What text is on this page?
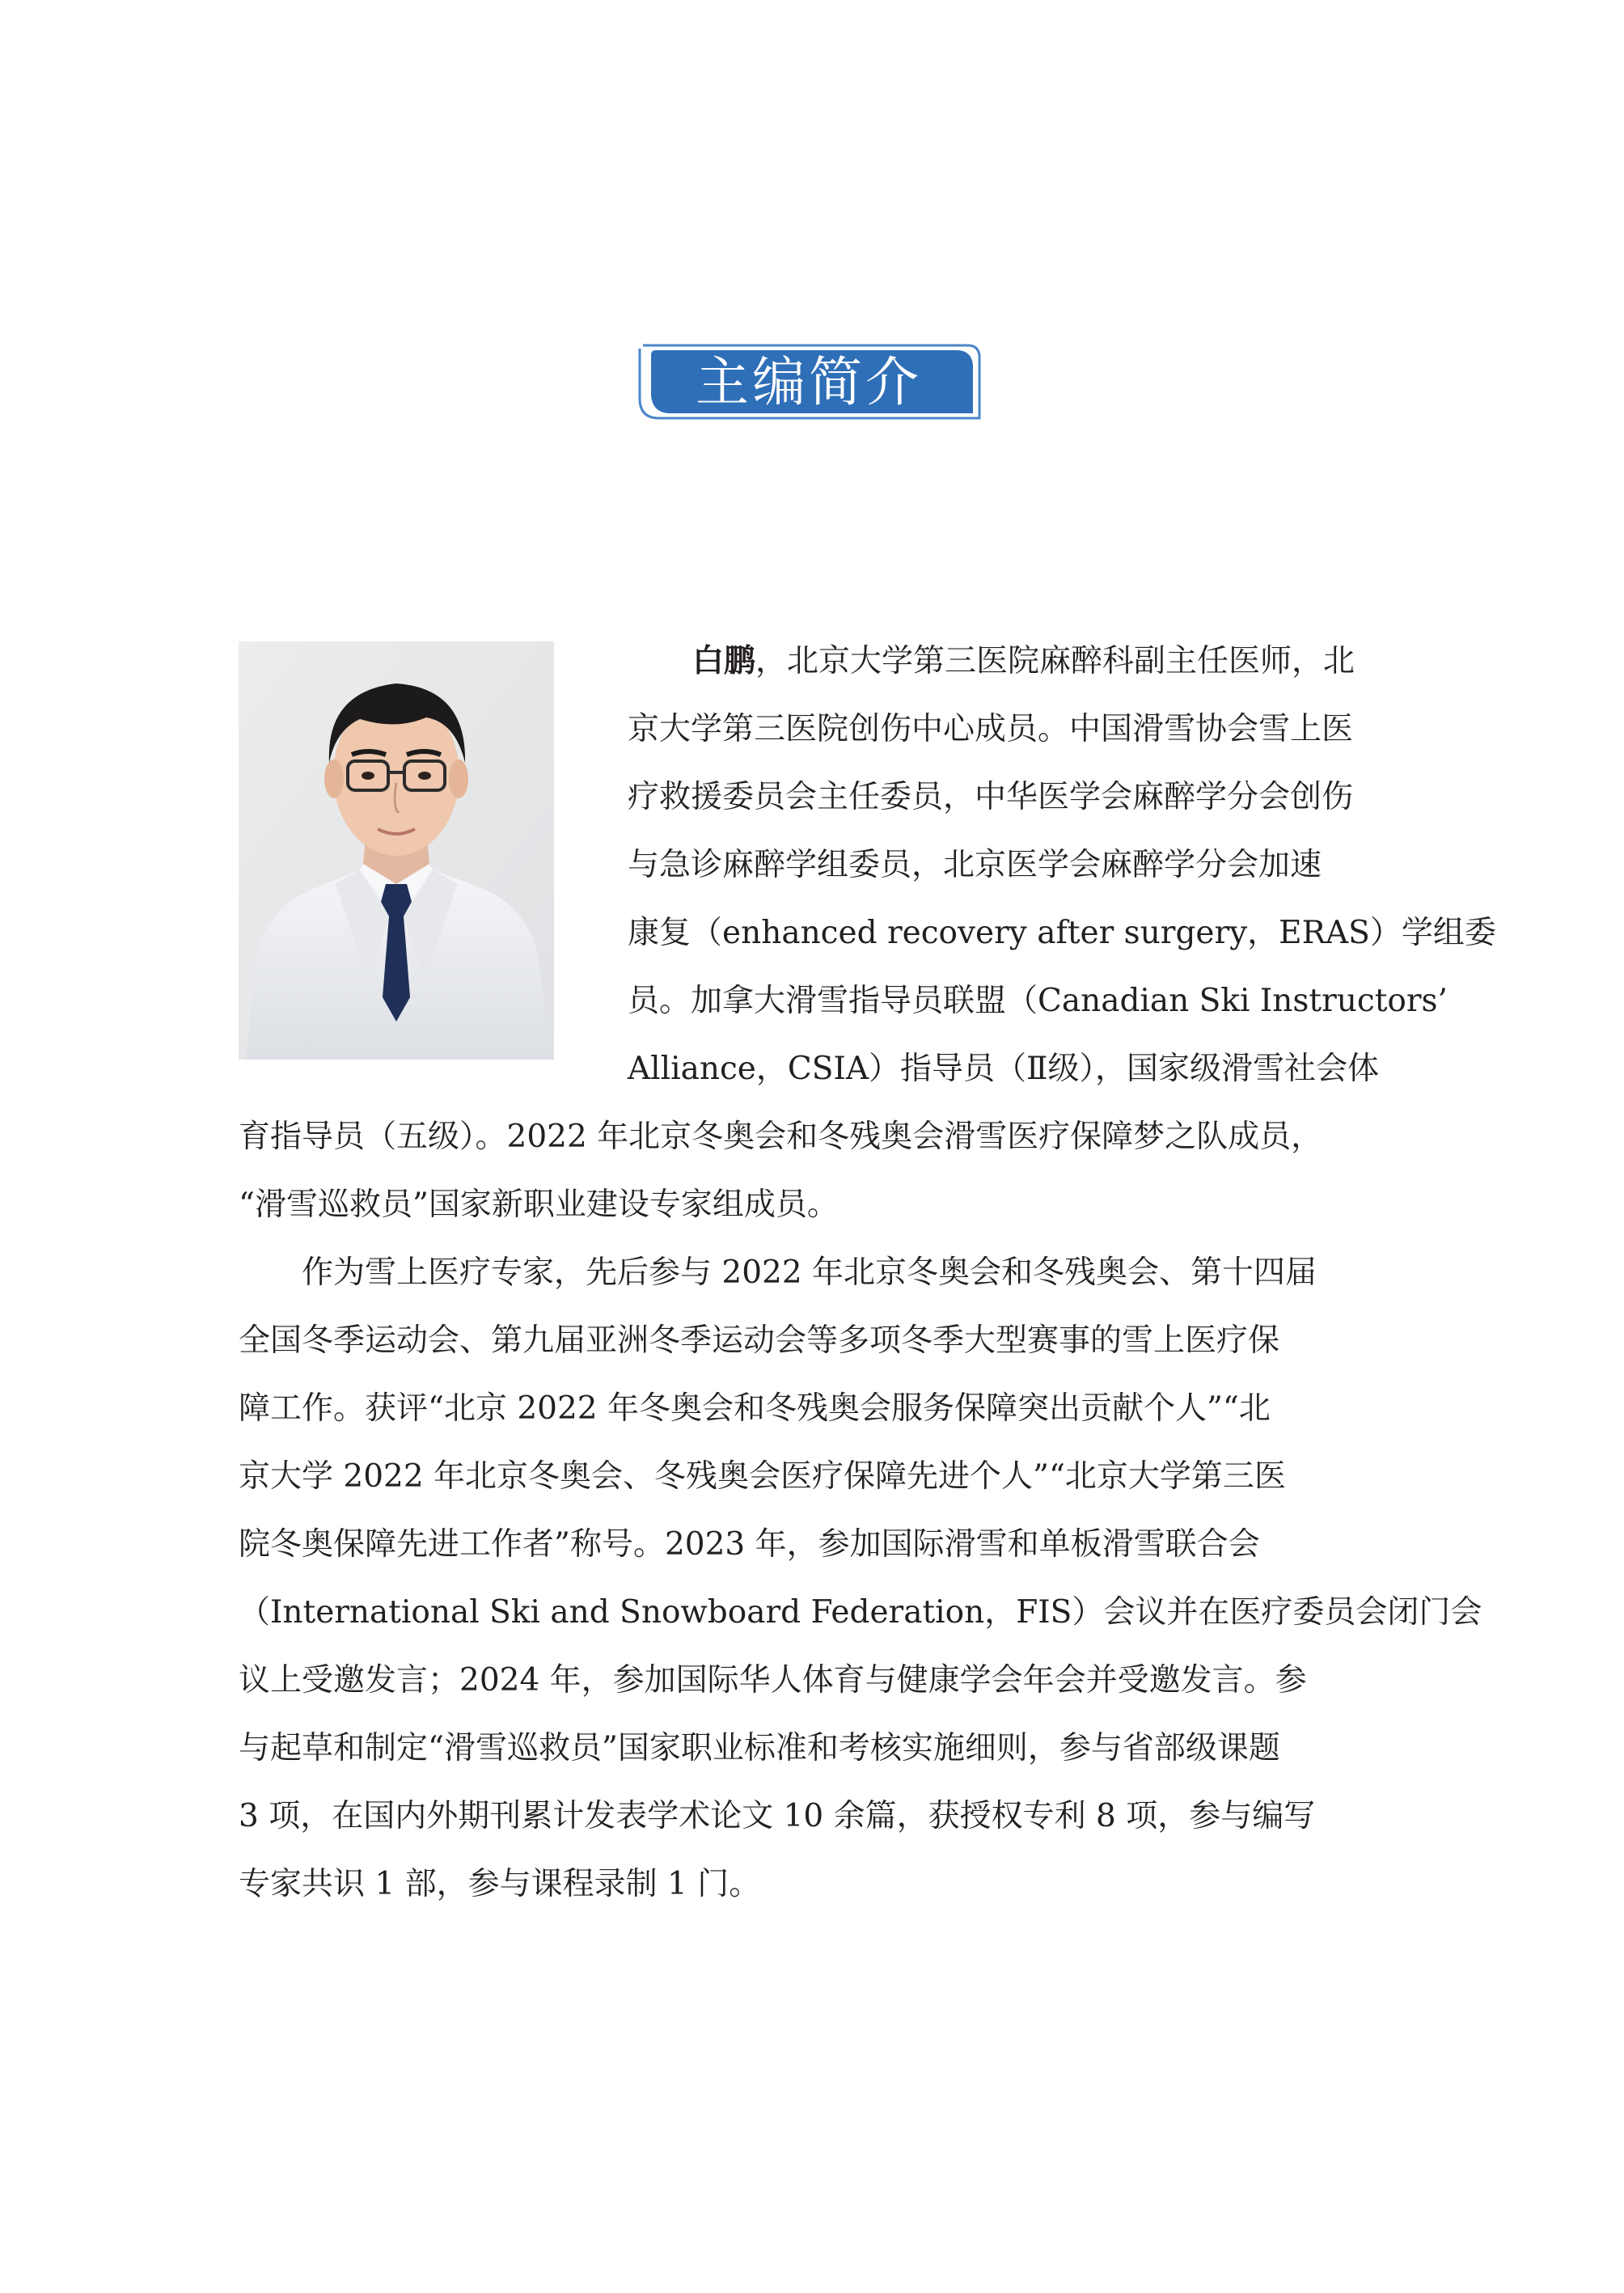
主编简介
白鹏，北京大学第三医院麻醉科副主任医师，北
京大学第三医院创伤中心成员。中国滑雪协会雪上医
疗救援委员会主任委员，中华医学会麻醉学分会创伤
与急诊麻醉学组委员，北京医学会麻醉学分会加速
康复（enhanced recovery after surgery，ERAS）学组委
员。加拿大滑雪指导员联盟（Canadian Ski Instructors’
Alliance，CSIA）指导员（Ⅱ级），国家级滑雪社会体
育指导员（五级）。2022 年北京冬奥会和冬残奥会滑雪医疗保障梦之队成员，
“滑雪巡救员”国家新职业建设专家组成员。
作为雪上医疗专家，先后参与 2022 年北京冬奥会和冬残奥会、第十四届
全国冬季运动会、第九届亚洲冬季运动会等多项冬季大型赛事的雪上医疗保
障工作。获评“北京 2022 年冬奥会和冬残奥会服务保障突出贡献个人”“北
京大学 2022 年北京冬奥会、冬残奥会医疗保障先进个人”“北京大学第三医
院冬奥保障先进工作者”称号。2023 年，参加国际滑雪和单板滑雪联合会
（International Ski and Snowboard Federation，FIS）会议并在医疗委员会闭门会
议上受邀发言；2024 年，参加国际华人体育与健康学会年会并受邀发言。参
与起草和制定“滑雪巡救员”国家职业标准和考核实施细则，参与省部级课题
3 项，在国内外期刊累计发表学术论文 10 余篇，获授权专利 8 项，参与编写
专家共识 1 部，参与课程录制 1 门。
